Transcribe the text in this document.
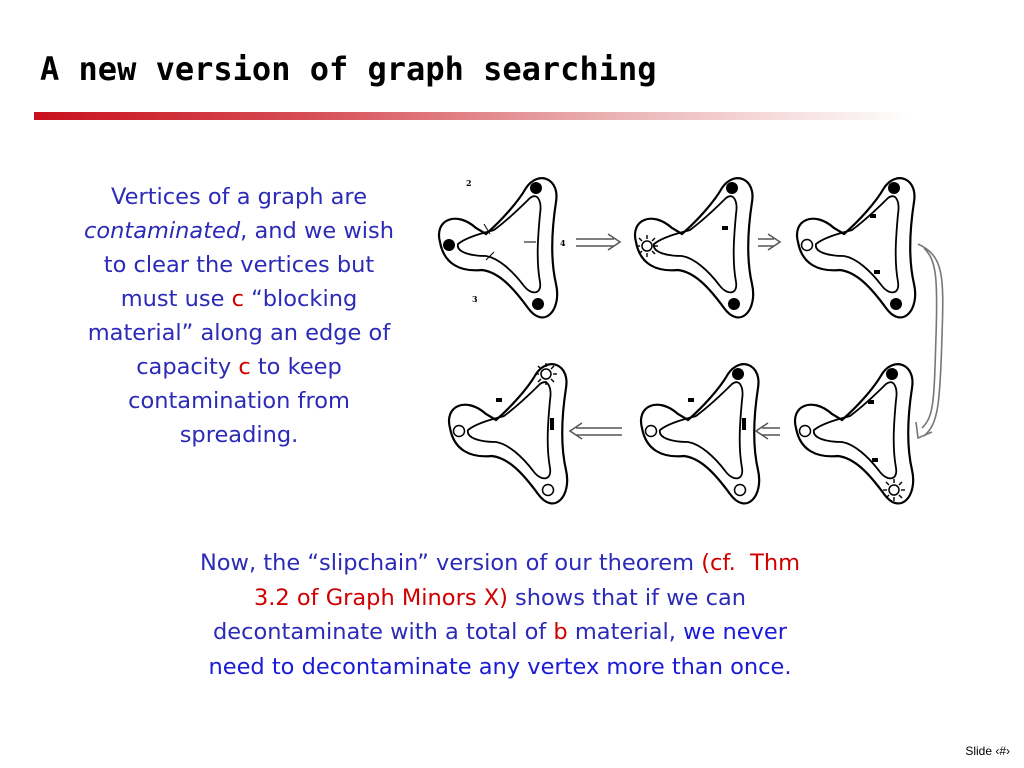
A new version of graph searching
Vertices of a graph are contaminated, and we wish to clear the vertices but must use c “blocking material” along an edge of capacity c to keep contamination from spreading.
2
4
3
Now, the “slipchain” version of our theorem (cf. Thm 3.2 of Graph Minors X) shows that if we can decontaminate with a total of b material, we never need to decontaminate any vertex more than once.
Slide ‹#›
